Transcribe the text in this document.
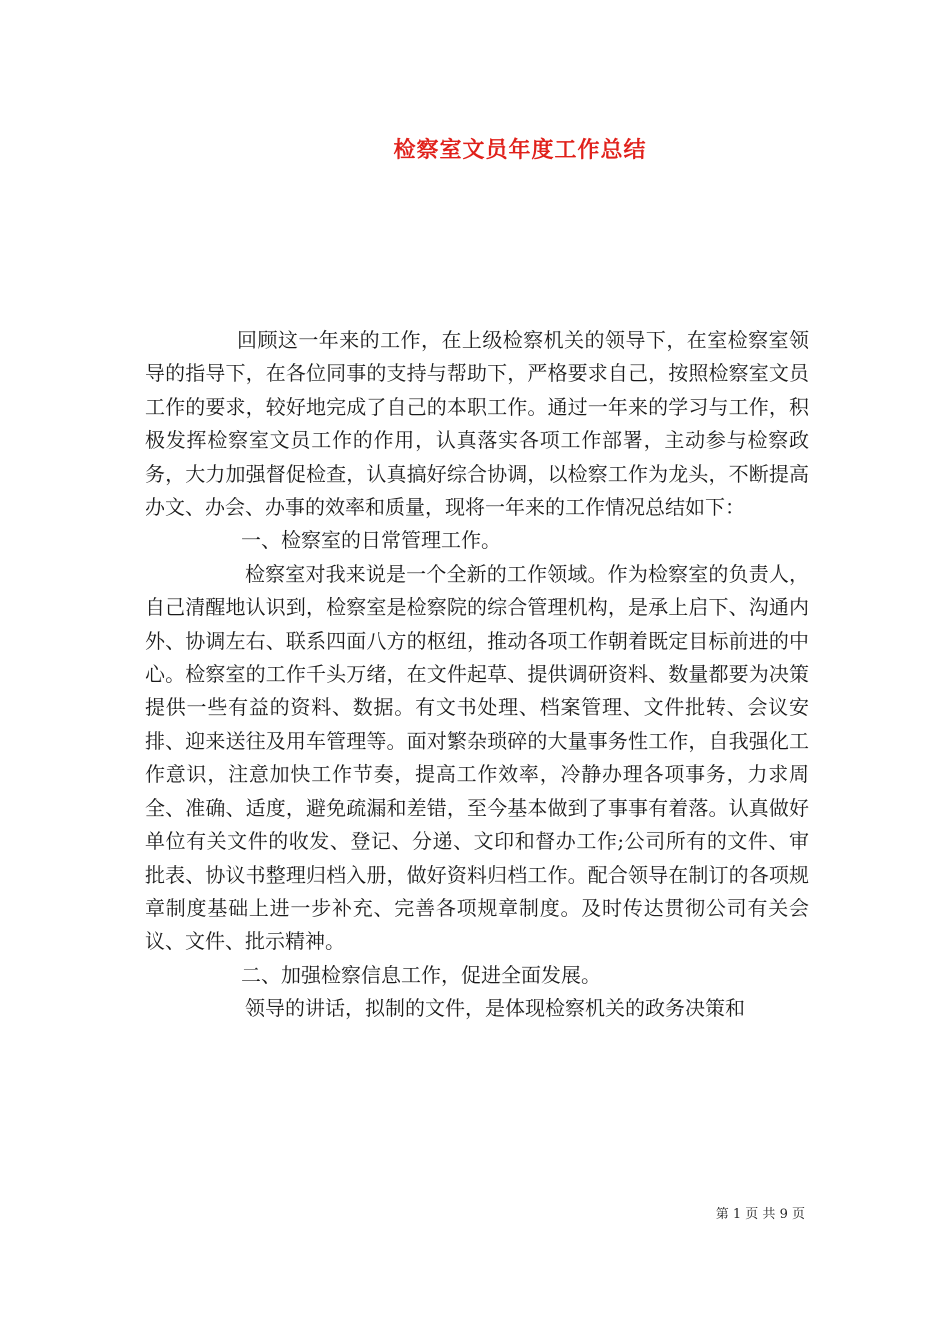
检察室文员年度工作总结

回顾这一年来的工作，在上级检察机关的领导下，在室检察室领导的指导下，在各位同事的支持与帮助下，严格要求自己，按照检察室文员工作的要求，较好地完成了自己的本职工作。通过一年来的学习与工作，积极发挥检察室文员工作的作用，认真落实各项工作部署，主动参与检察政务，大力加强督促检查，认真搞好综合协调，以检察工作为龙头，不断提高办文、办会、办事的效率和质量，现将一年来的工作情况总结如下：

一、检察室的日常管理工作。

检察室对我来说是一个全新的工作领域。作为检察室的负责人，自己清醒地认识到，检察室是检察院的综合管理机构，是承上启下、沟通内外、协调左右、联系四面八方的枢纽，推动各项工作朝着既定目标前进的中心。检察室的工作千头万绪，在文件起草、提供调研资料、数量都要为决策提供一些有益的资料、数据。有文书处理、档案管理、文件批转、会议安排、迎来送往及用车管理等。面对繁杂琐碎的大量事务性工作，自我强化工作意识，注意加快工作节奏，提高工作效率，冷静办理各项事务，力求周全、准确、适度，避免疏漏和差错，至今基本做到了事事有着落。认真做好单位有关文件的收发、登记、分递、文印和督办工作;公司所有的文件、审批表、协议书整理归档入册，做好资料归档工作。配合领导在制订的各项规章制度基础上进一步补充、完善各项规章制度。及时传达贯彻公司有关会议、文件、批示精神。

二、加强检察信息工作，促进全面发展。

领导的讲话，拟制的文件，是体现检察机关的政务决策和

第 1 页 共 9 页
